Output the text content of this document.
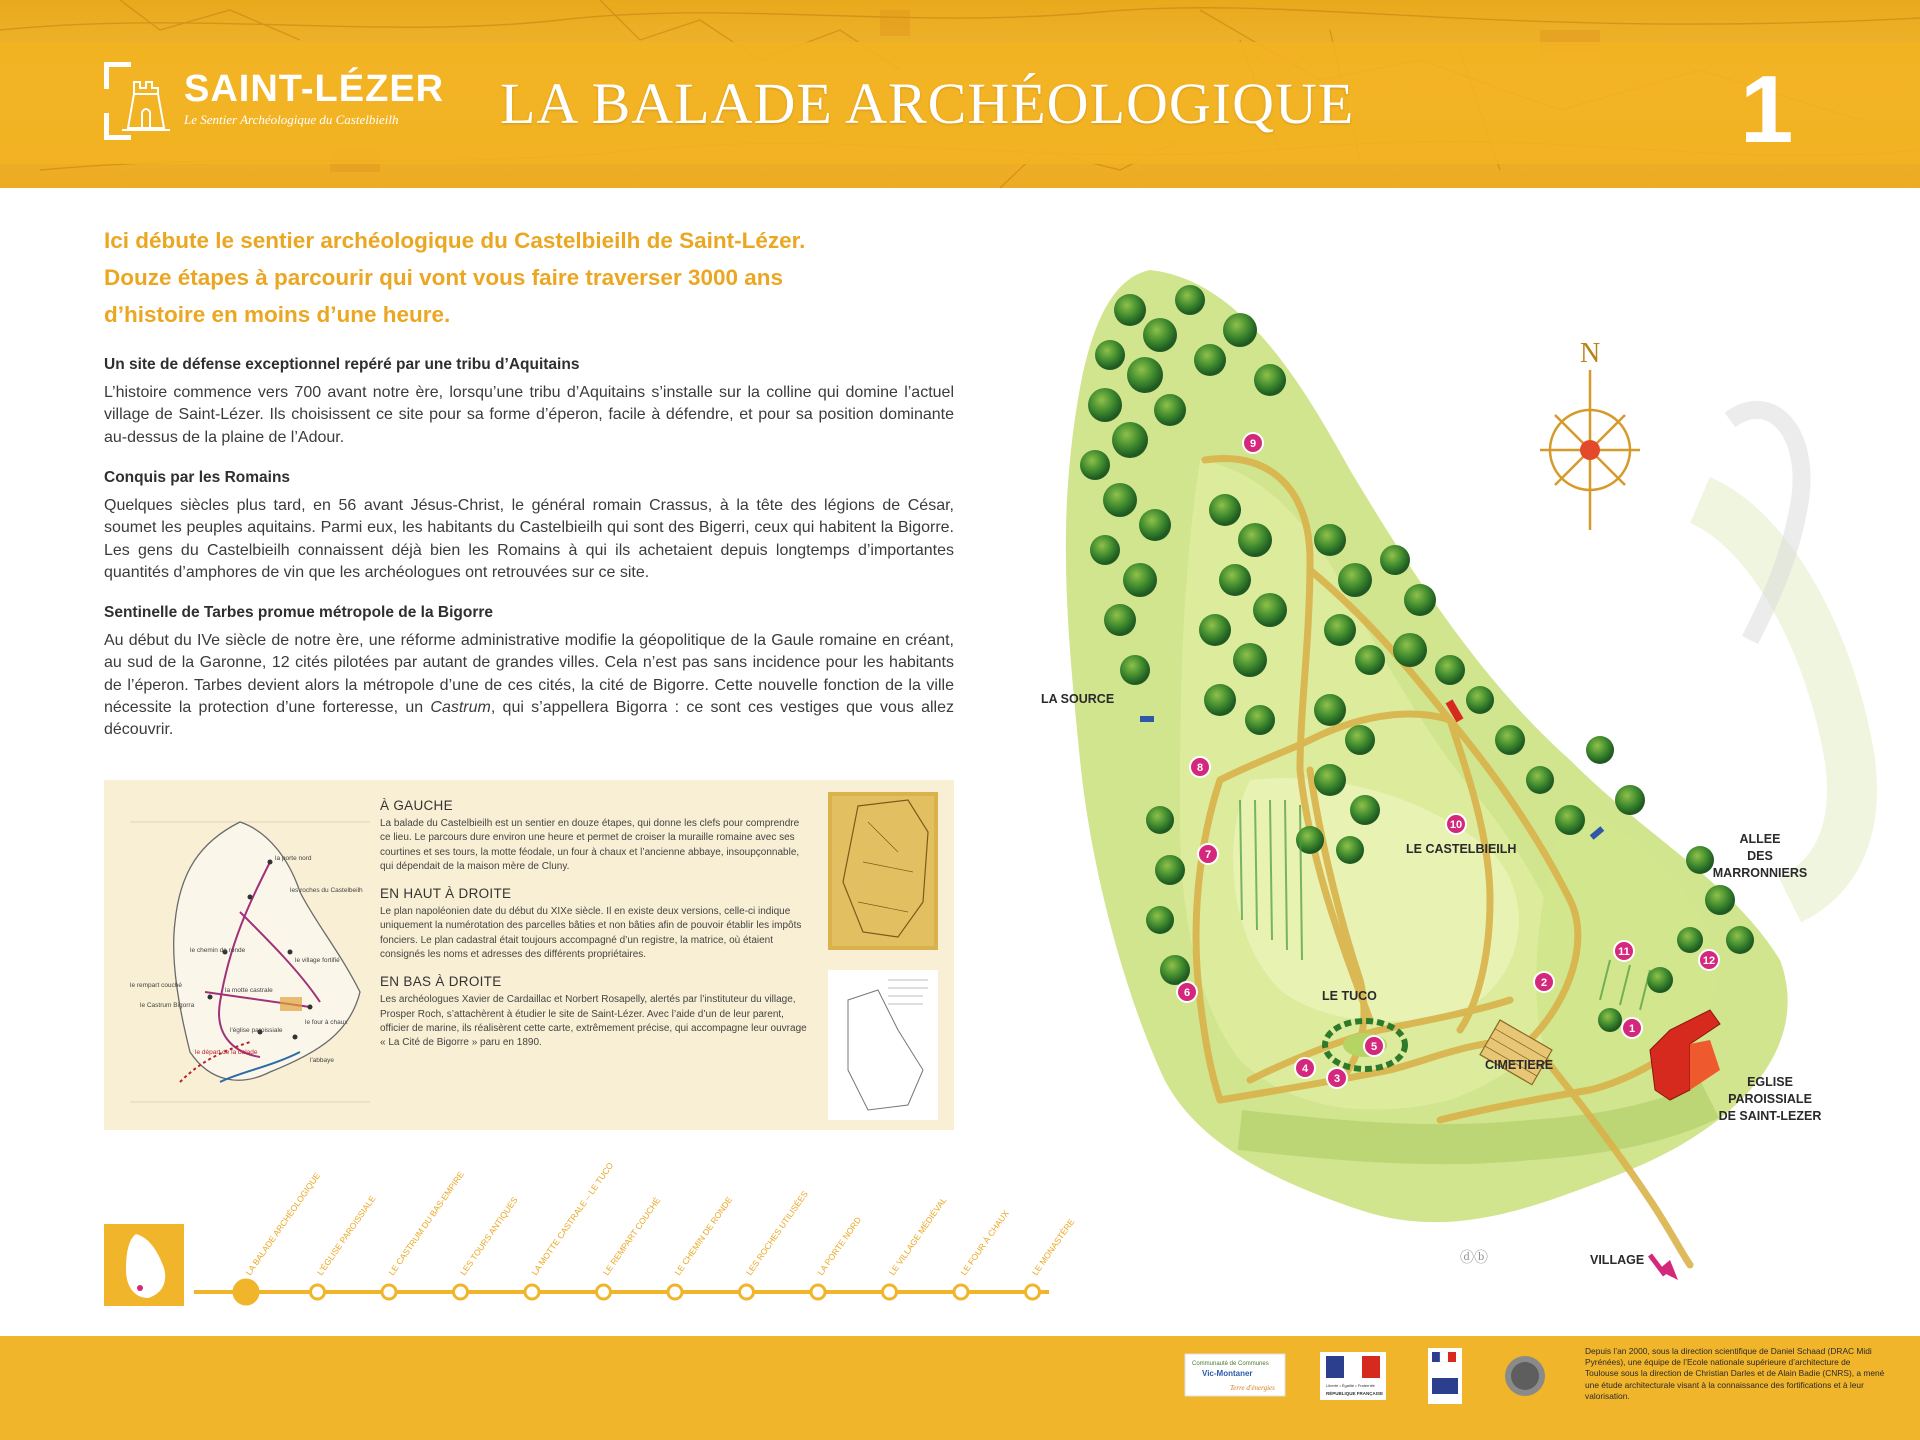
SAINT-LÉZER
Le Sentier Archéologique du Castelbieilh LA BALADE ARCHÉOLOGIQUE	1
Ici débute le sentier archéologique du Castelbieilh de Saint-Lézer.
Douze étapes à parcourir qui vont vous faire traverser 3000 ans
d’histoire en moins d’une heure.
Un site de défense exceptionnel repéré par une tribu d’Aquitains

L’histoire commence vers 700 avant notre ère, lorsqu’une tribu d’Aquitains s’installe sur la colline qui domine l’actuel village de Saint-Lézer. Ils choisissent ce site pour sa forme d’éperon, facile à défendre, et pour sa position dominante au-dessus de la plaine de l’Adour.

Conquis par les Romains

Quelques siècles plus tard, en 56 avant Jésus-Christ, le général romain Crassus, à la tête des légions de César, soumet les peuples aquitains. Parmi eux, les habitants du Castelbieilh qui sont des Bigerri, ceux qui habitent la Bigorre. Les gens du Castelbieilh connaissent déjà bien les Romains à qui ils achetaient depuis longtemps d’importantes quantités d’amphores de vin que les archéologues ont retrouvées sur ce site.

Sentinelle de Tarbes promue métropole de la Bigorre

Au début du IVe siècle de notre ère, une réforme administrative modifie la géopolitique de la Gaule romaine en créant, au sud de la Garonne, 12 cités pilotées par autant de grandes villes. Cela n’est pas sans incidence pour les habitants de l’éperon. Tarbes devient alors la métropole d’une de ces cités, la cité de Bigorre. Cette nouvelle fonction de la ville nécessite la protection d’une forteresse, un Castrum, qui s’appellera Bigorra : ce sont ces vestiges que vous allez découvrir.

la porte nord
les roches du Castelbeilh
le chemin de ronde
le village fortifié
le rempart couché
la motte castrale
le Castrum Bigorra
le four à chaux
l'église paroissiale
le départ de la balade
l'abbaye
À GAUCHE

La balade du Castelbieilh est un sentier en douze étapes, qui donne les clefs pour comprendre ce lieu. Le parcours dure environ une heure et permet de croiser la muraille romaine avec ses courtines et ses tours, la motte féodale, un four à chaux et l’ancienne abbaye, insoupçonnable, qui dépendait de la maison mère de Cluny.

EN HAUT À DROITE

Le plan napoléonien date du début du XIXe siècle. Il en existe deux versions, celle-ci indique uniquement la numérotation des parcelles bâties et non bâties afin de pouvoir établir les impôts fonciers. Le plan cadastral était toujours accompagné d’un registre, la matrice, où étaient consignés les noms et adresses des différents propriétaires.

EN BAS À DROITE

Les archéologues Xavier de Cardaillac et Norbert Rosapelly, alertés par l’instituteur du village, Prosper Roch, s’attachèrent à étudier le site de Saint-Lézer. Avec l’aide d’un de leur parent, officier de marine, ils réalisèrent cette carte, extrêmement précise, qui accompagne leur ouvrage « La Cité de Bigorre » paru en 1890.

N
1
2
3
4
5
6
7
8
9
10
11
12
ⓓⓑ
LA SOURCE
LE CASTELBIEILH
ALLEE
DES
MARRONNIERS
LE TUCO
CIMETIERE
EGLISE
PAROISSIALE
DE SAINT-LEZER
VILLAGE
LA BALADE ARCHÉOLOGIQUE
L’ÉGLISE PAROISSIALE LE CASTRUM DU BAS-EMPIRE
LES TOURS ANTIQUES LA MOTTE CASTRALE – LE TUCO
LE REMPART COUCHÉ LE CHEMIN DE RONDE LES ROCHES UTILISÉES LA PORTE NORD	LE VILLAGE MÉDIÉVAL LE FOUR À CHAUX LE MONASTÈRE
Communauté de Communes
Vic-Montaner
Terre d'énergies	Liberté • Égalité • Fraternité
RÉPUBLIQUE FRANÇAISE
Depuis l’an 2000, sous la direction scientifique de Daniel Schaad (DRAC Midi Pyrénées), une équipe de l’Ecole nationale supérieure d’architecture de Toulouse sous la direction de Christian Darles et de Alain Badie (CNRS), a mené une étude architecturale visant à la connaissance des fortifications et à leur valorisation.
